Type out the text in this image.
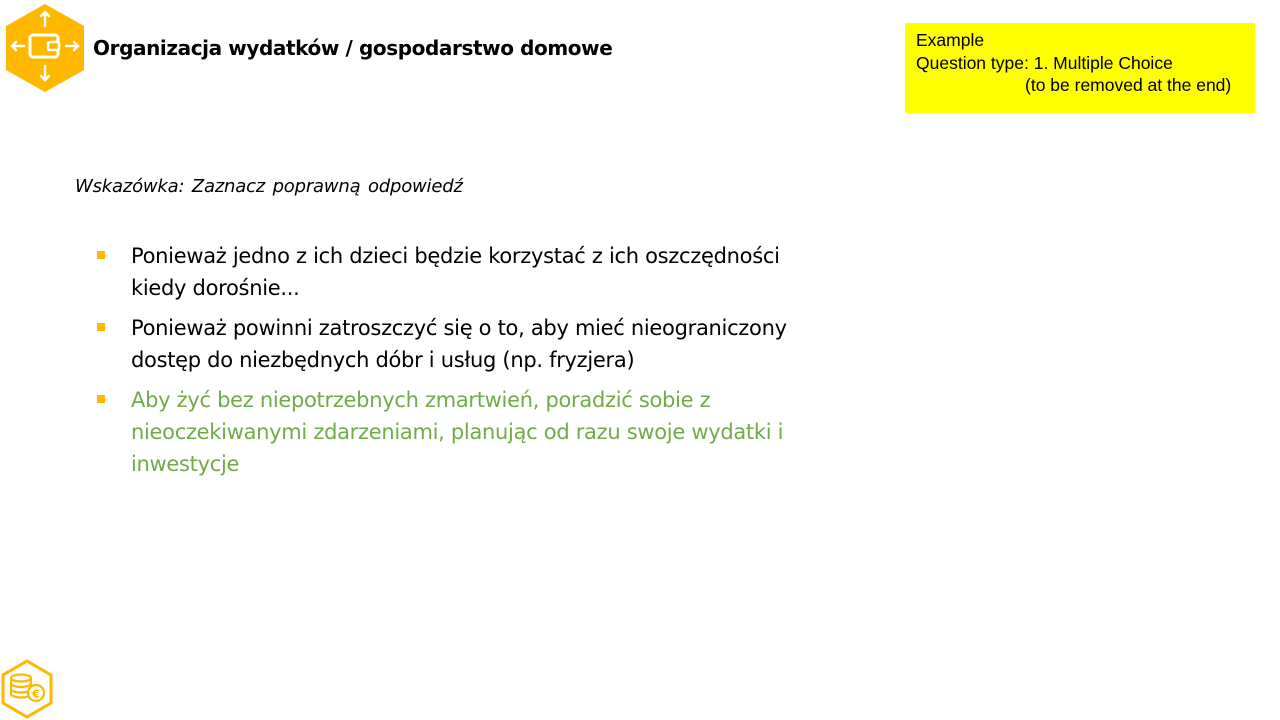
Organizacja wydatków / gospodarstwo domowe	Example
Question type: 1. Multiple Choice
(to be removed at the end)
Wskazówka: Zaznacz poprawną odpowiedź
Ponieważ jedno z ich dzieci będzie korzystać z ich oszczędności kiedy dorośnie...
Ponieważ powinni zatroszczyć się o to, aby mieć nieograniczony dostęp do niezbędnych dóbr i usług (np. fryzjera)
Aby żyć bez niepotrzebnych zmartwień, poradzić sobie z nieoczekiwanymi zdarzeniami, planując od razu swoje wydatki i inwestycje
€
